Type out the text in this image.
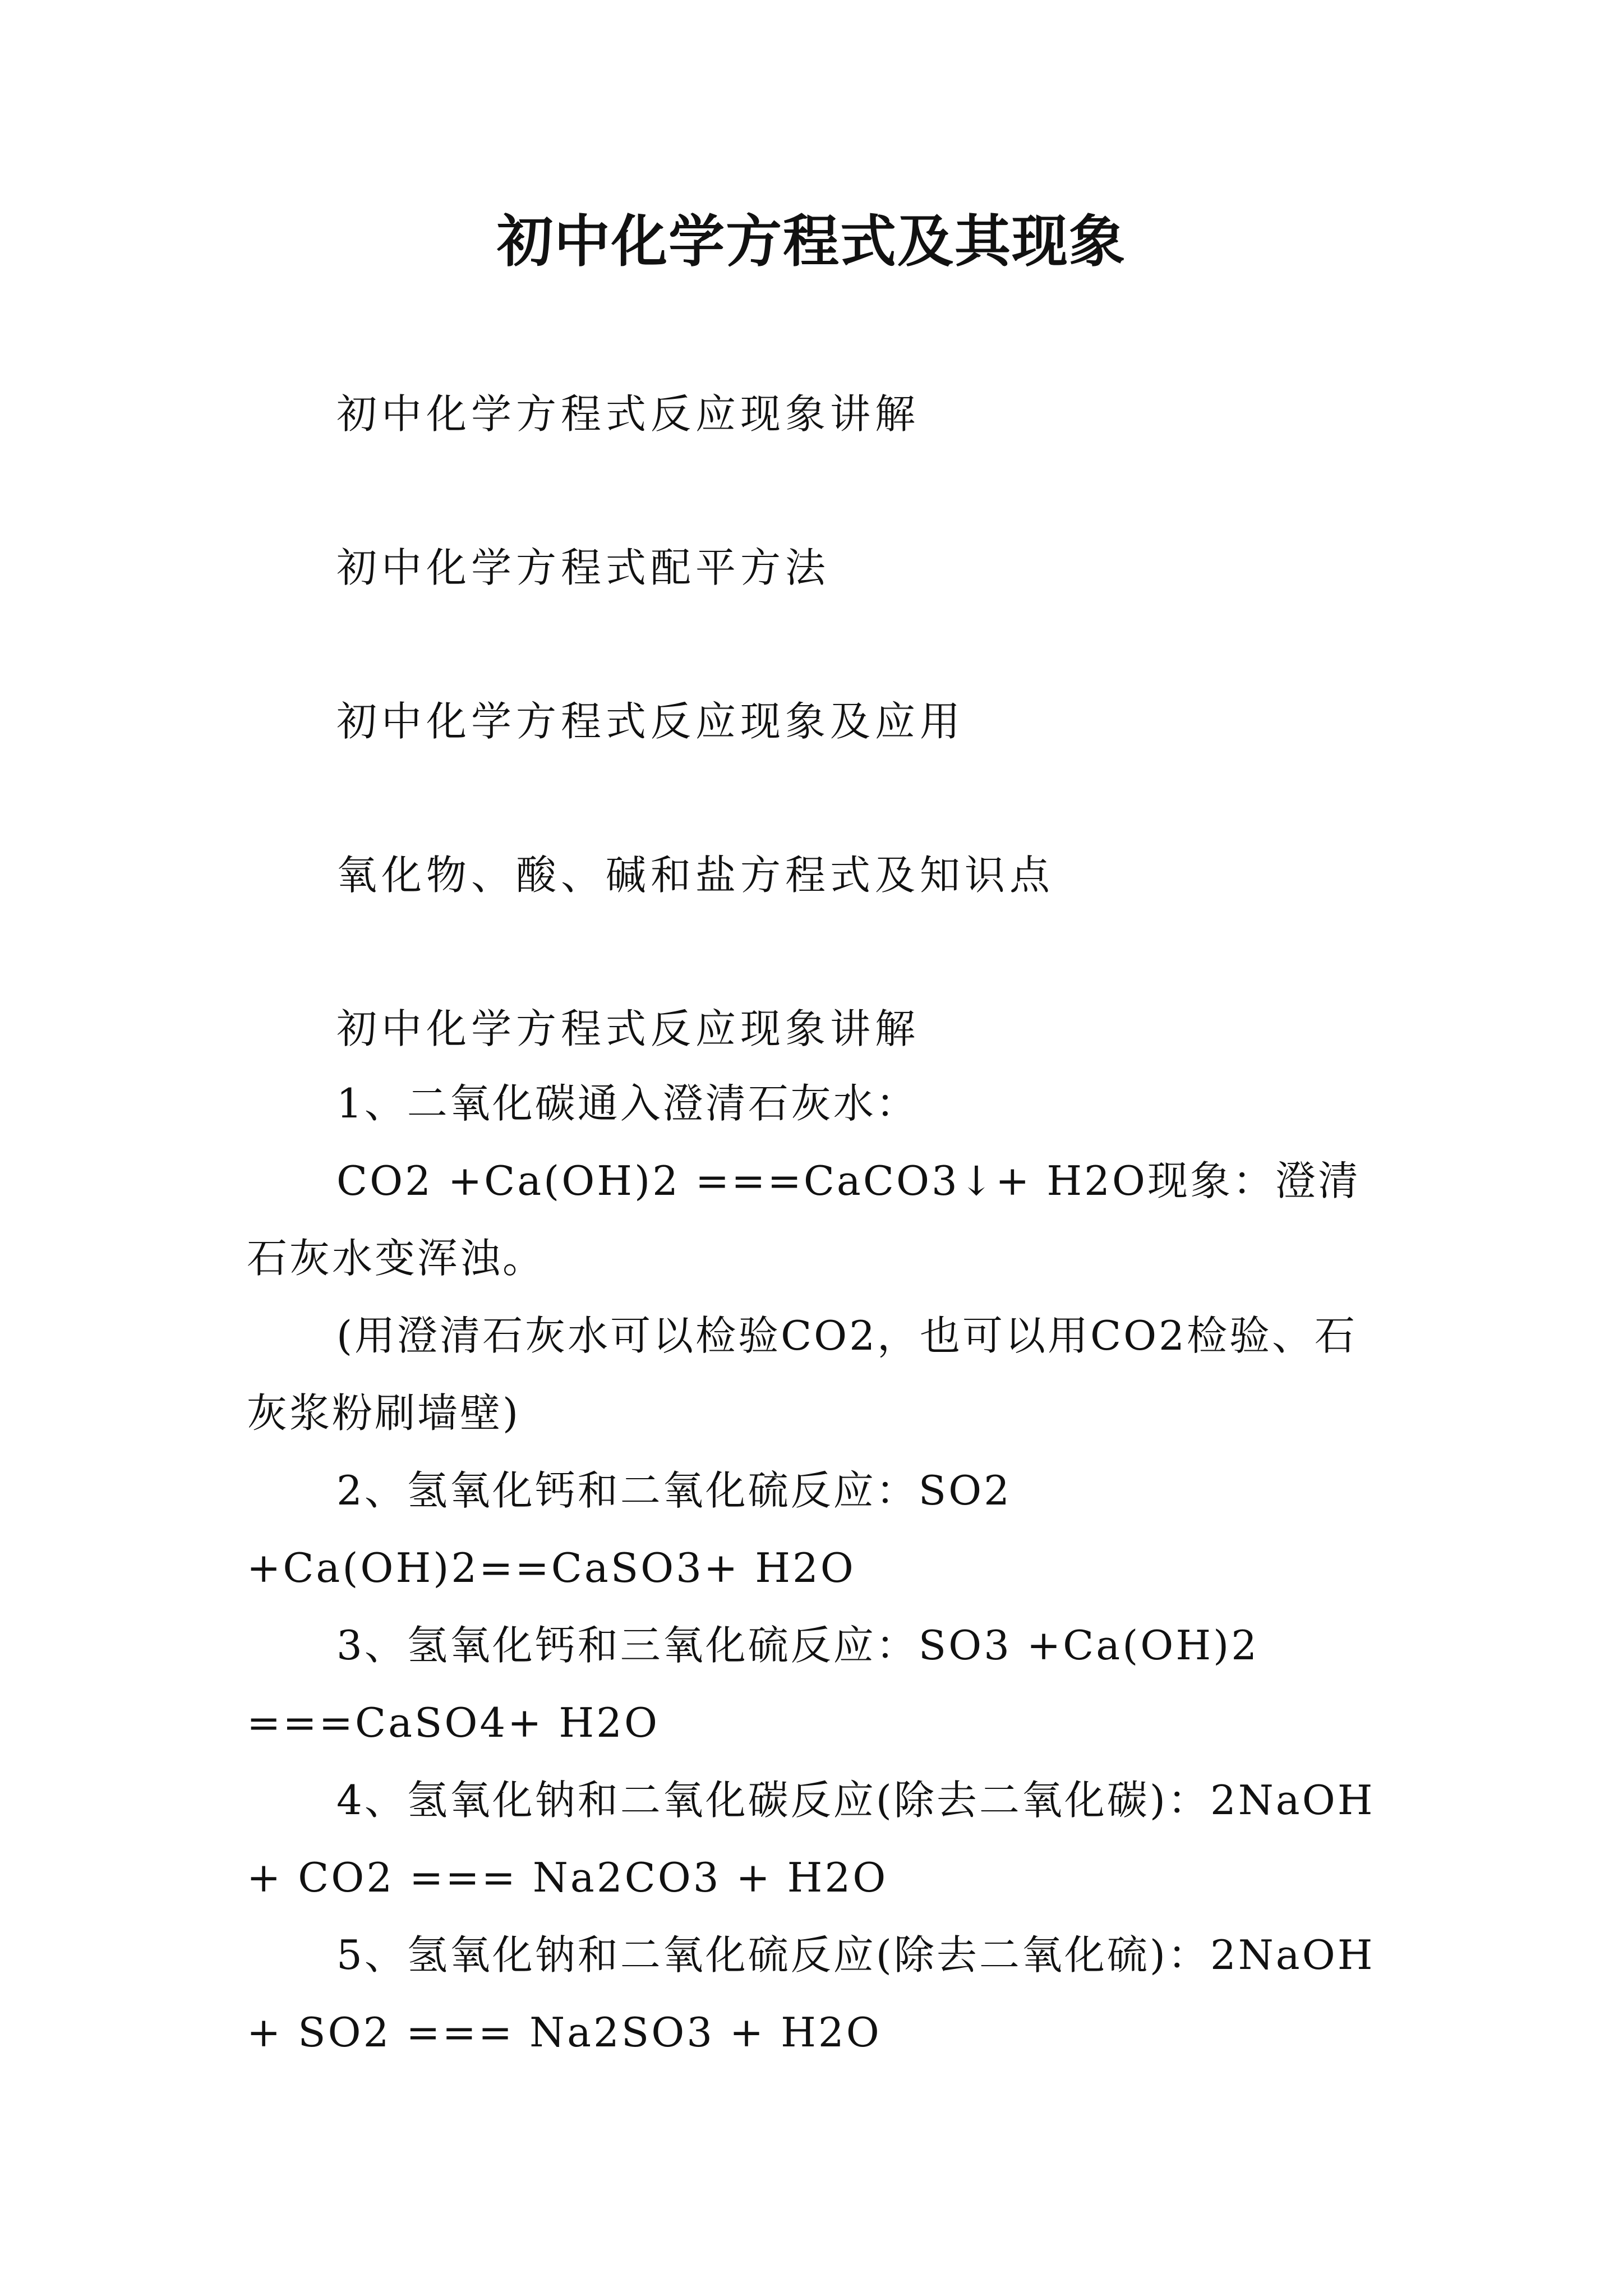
初中化学方程式及其现象
初中化学方程式反应现象讲解
初中化学方程式配平方法
初中化学方程式反应现象及应用
氧化物、酸、碱和盐方程式及知识点
初中化学方程式反应现象讲解
1、二氧化碳通入澄清石灰水：
CO2 +Ca(OH)2 ===CaCO3↓+ H2O现象：澄清石灰水变浑浊。
(用澄清石灰水可以检验CO2，也可以用CO2检验、石灰浆粉刷墙壁)
2、氢氧化钙和二氧化硫反应：SO2 +Ca(OH)2==CaSO3+ H2O
3、氢氧化钙和三氧化硫反应：SO3 +Ca(OH)2 ===CaSO4+ H2O
4、氢氧化钠和二氧化碳反应(除去二氧化碳)：2NaOH + CO2 === Na2CO3 + H2O
5、氢氧化钠和二氧化硫反应(除去二氧化硫)：2NaOH + SO2 === Na2SO3 + H2O
